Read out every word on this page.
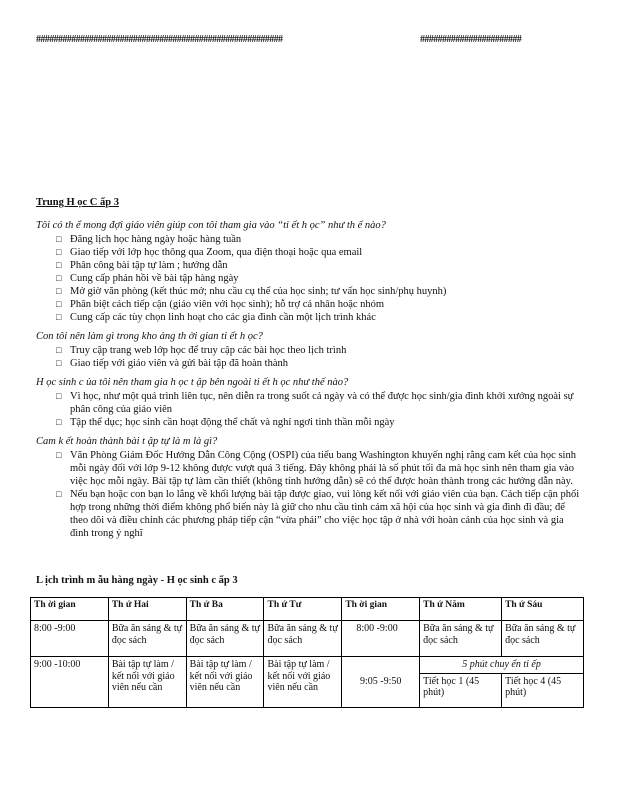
########################################################	#######################
Trung H ọc C ấp 3
Tôi có th ể mong đợi giáo viên giúp con tôi tham gia vào “ti ết h ọc” như th ế nào?
□ Đăng lịch học hàng ngày hoặc hàng tuần
□ Giao tiếp với lớp học thông qua Zoom, qua điện thoại hoặc qua email
□ Phân công bài tập tự làm ; hướng dẫn
□ Cung cấp phản hồi về bài tập hàng ngày
□ Mở giờ văn phòng (kết thúc mở; nhu cầu cụ thể của học sinh; tư vấn học sinh/phụ huynh)
□ Phân biệt cách tiếp cận (giáo viên với học sinh); hỗ trợ cá nhân hoặc nhóm
□ Cung cấp các tùy chọn linh hoạt cho các gia đình cần một lịch trình khác
Con tôi nên làm gì trong kho ảng th ời gian ti ết h ọc?
□ Truy cập trang web lớp học để truy cập các bài học theo lịch trình
□ Giao tiếp với giáo viên và gửi bài tập đã hoàn thành
H ọc sinh c ủa tôi nên tham gia h ọc t ập bên ngoài ti ết h ọc như thế nào?
□ Vì học, như một quá trình liên tục, nên diễn ra trong suốt cả ngày và có thể được học sinh/gia đình khởi xướng ngoài sự phân công của giáo viên
□ Tập thể dục; học sinh cần hoạt động thể chất và nghỉ ngơi tinh thần mỗi ngày
Cam k ết hoàn thành bài t ập tự là m là gì?
□ Văn Phòng Giám Đốc Hướng Dẫn Công Cộng (OSPI) của tiểu bang Washington khuyến nghị rằng cam kết của học sinh mỗi ngày đối với lớp 9-12 không được vượt quá 3 tiếng. Đây không phải là số phút tối đa mà học sinh nên tham gia vào việc học mỗi ngày. Bài tập tự làm cần thiết (không tính hướng dẫn) sẽ có thể được hoàn thành trong các hướng dẫn này.
□ Nếu bạn hoặc con bạn lo lắng về khối lượng bài tập được giao, vui lòng kết nối với giáo viên của bạn. Cách tiếp cận phối hợp trong những thời điểm không phổ biến này là giữ cho nhu cầu tình cảm xã hội của học sinh và gia đình đi đầu; để theo dõi và điều chỉnh các phương pháp tiếp cận “vừa phải” cho việc học tập ở nhà với hoàn cảnh của học sinh và gia đình trong ý nghĩ
L ịch trình m ẫu hàng ngày - H ọc sinh c ấp 3
Th ời gian	Th ứ Hai	Th ứ Ba	Th ứ Tư	Th ời gian	Th ứ Năm	Th ứ Sáu
8:00 -9:00	Bữa ăn sáng & tự đọc sách	Bữa ăn sáng & tự đọc sách	Bữa ăn sáng & tự đọc sách	8:00 -9:00	Bữa ăn sáng & tự đọc sách	Bữa ăn sáng & tự đọc sách
9:00 -10:00	Bài tập tự làm / kết nối với giáo viên nếu cần	Bài tập tự làm / kết nối với giáo viên nếu cần	Bài tập tự làm / kết nối với giáo viên nếu cần	9:05 -9:50	5 phút chuy ển ti ếp	
					Tiết học 1 (45 phút)	Tiết học 4 (45 phút)
